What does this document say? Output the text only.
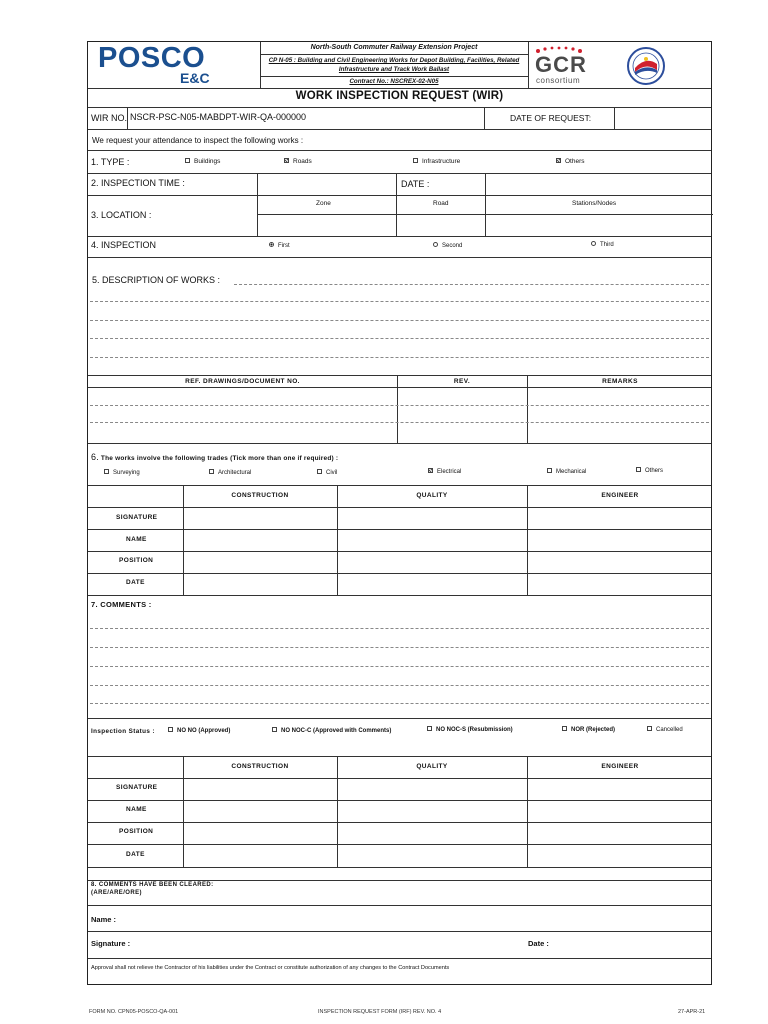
POSCO
E&C
North-South Commuter Railway Extension Project
CP N-05 : Building and Civil Engineering Works for Depot Building, Facilities, Related
Infrastructure and Track Work Ballast
Contract No.: NSCREX-02-N05
GCR
consortium
WORK INSPECTION REQUEST (WIR)
WIR NO. NSCR-PSC-N05-MABDPT-WIR-QA-000000	DATE OF REQUEST:
We request your attendance to inspect the following works :
1. TYPE :	Buildings	Roads	Infrastructure	Others
2. INSPECTION TIME :	DATE :
3. LOCATION :
Zone	Road	Stations/Nodes
4. INSPECTION	First	Second	Third
5. DESCRIPTION OF WORKS :
REF. DRAWINGS/DOCUMENT NO.	REV.	REMARKS
6. The works involve the following trades (Tick more than one if required) :
Surveying	Architectural	Civil	Electrical	Mechanical	Others
CONSTRUCTION	QUALITY	ENGINEER
SIGNATURE
NAME
POSITION
DATE
7. COMMENTS :
Inspection Status :	NO NO (Approved)	NO NOC-C (Approved with Comments)	NO NOC-S (Resubmission)	NOR (Rejected)	Cancelled
CONSTRUCTION	QUALITY	ENGINEER
SIGNATURE
NAME
POSITION
DATE
8. COMMENTS HAVE BEEN CLEARED:
(ARE/ARE/ORE)
Name :
Signature :	Date :
Approval shall not relieve the Contractor of his liabilities under the Contract or constitute authorization of any changes to the Contract Documents
FORM NO. CPN05-POSCO-QA-001	INSPECTION REQUEST FORM (IRF) REV. NO. 4	27-APR-21
